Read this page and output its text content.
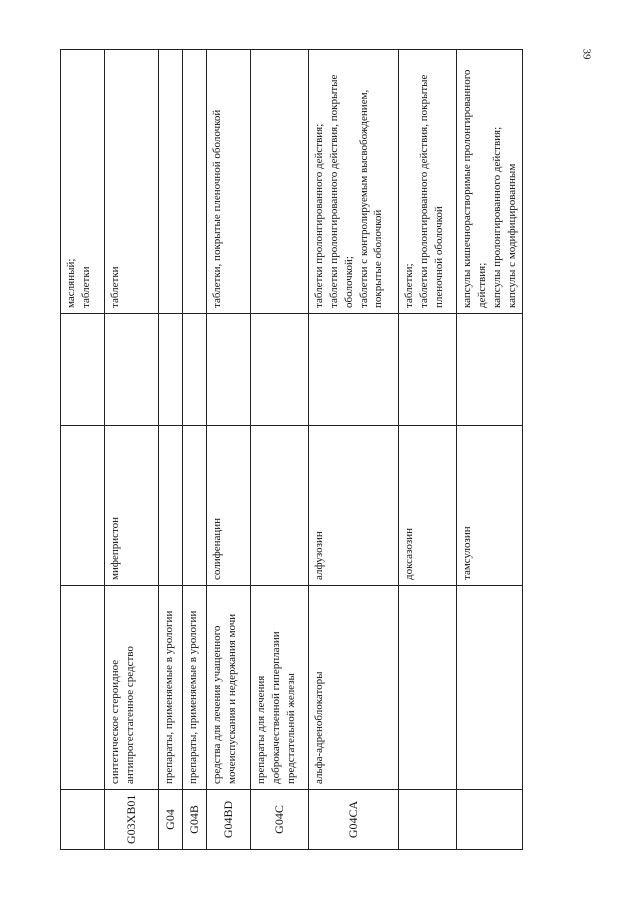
39

				масляный; таблетки

G03XB01	синтетическое стероидное антипрогестагенное средство	мифепристон		таблетки

G04	препараты, применяемые в урологии			
G04B	препараты, применяемые в урологии			
G04BD	средства для лечения учащенного мочеиспускания и недержания мочи	солифенацин		таблетки, покрытые пленочной оболочкой

G04C	препараты для лечения доброкачественной гиперплазии предстательной железы			
G04CA	альфа-адреноблокаторы	алфузозин		таблетки пролонгированного действия; таблетки пролонгированного действия, покрытые оболочкой; таблетки с контролируемым высвобождением, покрытые оболочкой

		доксазозин		таблетки; таблетки пролонгированного действия, покрытые пленочной оболочкой

		тамсулозин		капсулы кишечнорастворимые пролонгированного действия; капсулы пролонгированного действия; капсулы с модифицированным
